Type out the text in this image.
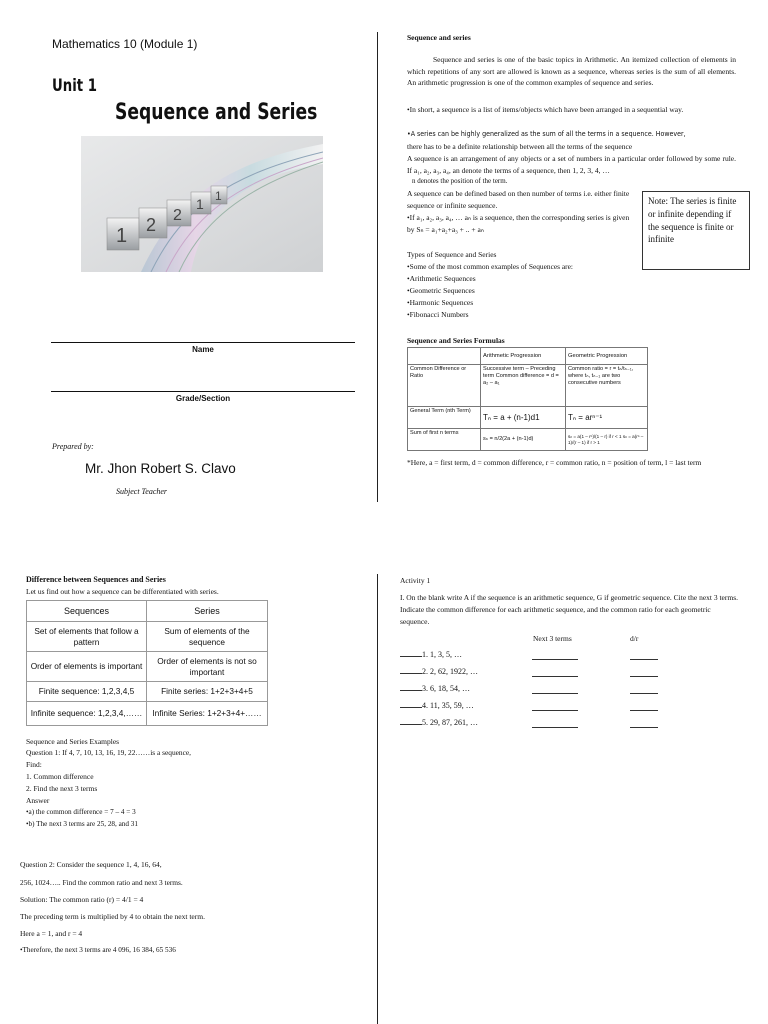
Mathematics 10 (Module 1)
Unit 1
Sequence and Series
1 2 2
1 1
Name
Grade/Section
Prepared by:
Mr. Jhon Robert S. Clavo
Subject Teacher
Sequence and series
Sequence and series is one of the basic topics in Arithmetic. An itemized collection of elements in which repetitions of any sort are allowed is known as a sequence, whereas series is the sum of all elements. An arithmetic progression is one of the common examples of sequence and series.
•In short, a sequence is a list of items/objects which have been arranged in a sequential way.
•A series can be highly generalized as the sum of all the terms in a sequence. However,
there has to be a definite relationship between all the terms of the sequence
A sequence is an arrangement of any objects or a set of numbers in a particular order followed by some rule. If a₁, a₂, a₃, a₄, an denote the terms of a sequence, then 1, 2, 3, 4, …
n denotes the position of the term.
A sequence can be defined based on then number of terms i.e. either finite sequence or infinite sequence.
•If a₁, a₂, a₃, a₄, … aₙ is a sequence, then the corresponding series is given by Sₙ = a₁+a₂+a₃ + .. + aₙ
Note: The series is finite or infinite depending if the sequence is finite or infinite
Types of Sequence and Series
•Some of the most common examples of Sequences are:
•Arithmetic Sequences
•Geometric Sequences
•Harmonic Sequences
•Fibonacci Numbers
Sequence and Series Formulas
	Arithmetic Progression	Geometric Progression
Common Difference or Ratio	Successive term – Preceding term Common difference = d = a₂ – a₁	Common ratio = r = tₙ/tₙ₋₁, where tₙ, tₙ₋₁ are two consecutive numbers
General Term (nth Term)	Tₙ = a + (n-1)d1	Tₙ = arⁿ⁻¹
Sum of first n terms	sₙ = n/2(2a + (n-1)d)	sₙ = a(1 – rⁿ)/(1 – r) if r < 1 sₙ = a(rⁿ – 1)/(r – 1) if r > 1
*Here, a = first term, d = common difference, r = common ratio, n = position of term, l = last term
Difference between Sequences and Series
Let us find out how a sequence can be differentiated with series.
Sequences	Series
Set of elements that follow a pattern	Sum of elements of the sequence
Order of elements is important	Order of elements is not so important
Finite sequence: 1,2,3,4,5	Finite series: 1+2+3+4+5
Infinite sequence: 1,2,3,4,……	Infinite Series: 1+2+3+4+……
Sequence and Series Examples
Question 1: If 4, 7, 10, 13, 16, 19, 22……is a sequence,
Find:
1. Common difference
2. Find the next 3 terms
Answer
•a) the common difference = 7 – 4 = 3
•b) The next 3 terms are 25, 28, and 31
Question 2: Consider the sequence 1, 4, 16, 64,
256, 1024….. Find the common ratio and next 3 terms.
Solution: The common ratio (r) = 4/1 = 4
The preceding term is multiplied by 4 to obtain the next term.
Here a = 1, and r = 4
•Therefore, the next 3 terms are 4 096, 16 384, 65 536
Activity 1
I. On the blank write A if the sequence is an arithmetic sequence, G if geometric sequence. Cite the next 3 terms. Indicate the common difference for each arithmetic sequence, and the common ratio for each geometric sequence.
Next 3 terms	d/r
1. 1, 3, 5, …
2. 2, 62, 1922, …
3. 6, 18, 54, …
4. 11, 35, 59, …
5. 29, 87, 261, …
